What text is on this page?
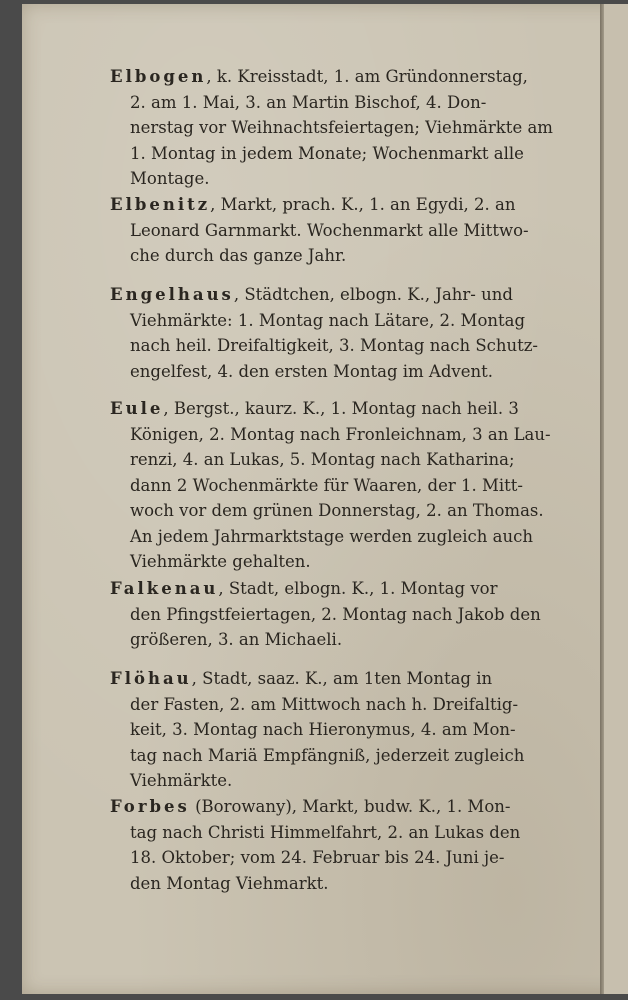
Elbogen, k. Kreisstadt, 1. am Gründonnerstag,
2. am 1. Mai, 3. an Martin Bischof, 4. Don-
nerstag vor Weihnachtsfeiertagen; Viehmärkte am
1. Montag in jedem Monate; Wochenmarkt alle
Montage.

Elbenitz, Markt, prach. K., 1. an Egydi, 2. an
Leonard Garnmarkt. Wochenmarkt alle Mittwo-
che durch das ganze Jahr.

Engelhaus, Städtchen, elbogn. K., Jahr- und
Viehmärkte: 1. Montag nach Lätare, 2. Montag
nach heil. Dreifaltigkeit, 3. Montag nach Schutz-
engelfest, 4. den ersten Montag im Advent.

Eule, Bergst., kaurz. K., 1. Montag nach heil. 3
Königen, 2. Montag nach Fronleichnam, 3 an Lau-
renzi, 4. an Lukas, 5. Montag nach Katharina;
dann 2 Wochenmärkte für Waaren, der 1. Mitt-
woch vor dem grünen Donnerstag, 2. an Thomas.
An jedem Jahrmarktstage werden zugleich auch
Viehmärkte gehalten.

Falkenau, Stadt, elbogn. K., 1. Montag vor
den Pfingstfeiertagen, 2. Montag nach Jakob den
größeren, 3. an Michaeli.

Flöhau, Stadt, saaz. K., am 1ten Montag in
der Fasten, 2. am Mittwoch nach h. Dreifaltig-
keit, 3. Montag nach Hieronymus, 4. am Mon-
tag nach Mariä Empfängniß, jederzeit zugleich
Viehmärkte.

Forbes (Borowany), Markt, budw. K., 1. Mon-
tag nach Christi Himmelfahrt, 2. an Lukas den
18. Oktober; vom 24. Februar bis 24. Juni je-
den Montag Viehmarkt.
